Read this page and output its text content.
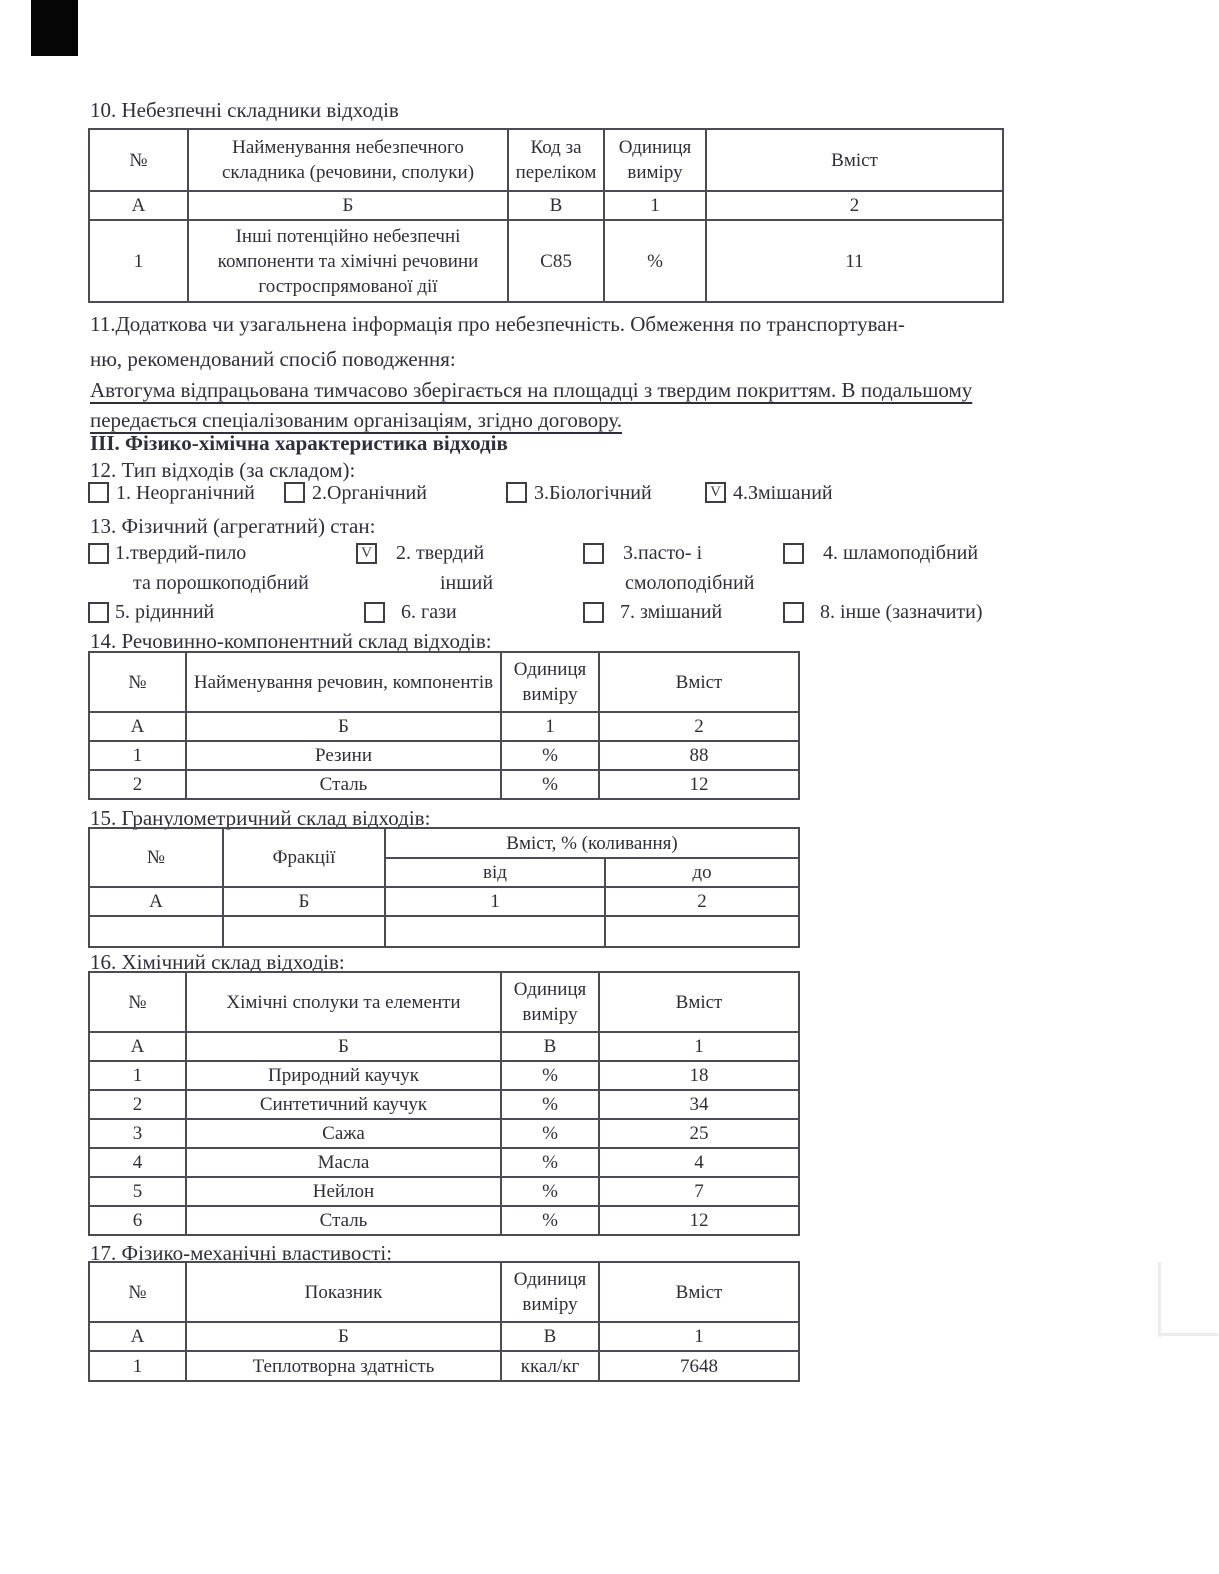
10. Небезпечні складники відходів
№	Найменування небезпечного складника (речовини, сполуки)	Код за переліком	Одиниця виміру	Вміст
А	Б	В	1	2
1	Інші потенційно небезпечні компоненти та хімічні речовини гостроспрямованої дії	С85	%	11
11.Додаткова чи узагальнена інформація про небезпечність. Обмеження по транспортуван-
ню, рекомендований спосіб поводження:
Автогума відпрацьована тимчасово зберігається на площадці з твердим покриттям. В подальшому
передається спеціалізованим організаціям, згідно договору.
ІІІ. Фізико-хімічна характеристика відходів
12. Тип відходів (за складом):
1. Неорганічний	2.Органічний	3.Біологічний	V 4.Змішаний
13. Фізичний (агрегатний) стан:
1.твердий-пило
та порошкоподібний
V 2. твердий
інший
3.пасто- і
смолоподібний
4. шламоподібний
5. рідинний	6. гази	7. змішаний	8. інше (зазначити)
14. Речовинно-компонентний склад відходів:
№	Найменування речовин, компонентів	Одиниця виміру	Вміст
А	Б	1	2
1	Резини	%	88
2	Сталь	%	12
15. Гранулометричний склад відходів:
№	Фракції	Вміст, % (коливання)	
		від	до
А	Б	1	2

16. Хімічний склад відходів:
№	Хімічні сполуки та елементи	Одиниця виміру	Вміст
А	Б	В	1
1	Природний каучук	%	18
2	Синтетичний каучук	%	34
3	Сажа	%	25
4	Масла	%	4
5	Нейлон	%	7
6	Сталь	%	12
17. Фізико-механічні властивості:
№	Показник	Одиниця виміру	Вміст
А	Б	В	1
1	Теплотворна здатність	ккал/кг	7648
